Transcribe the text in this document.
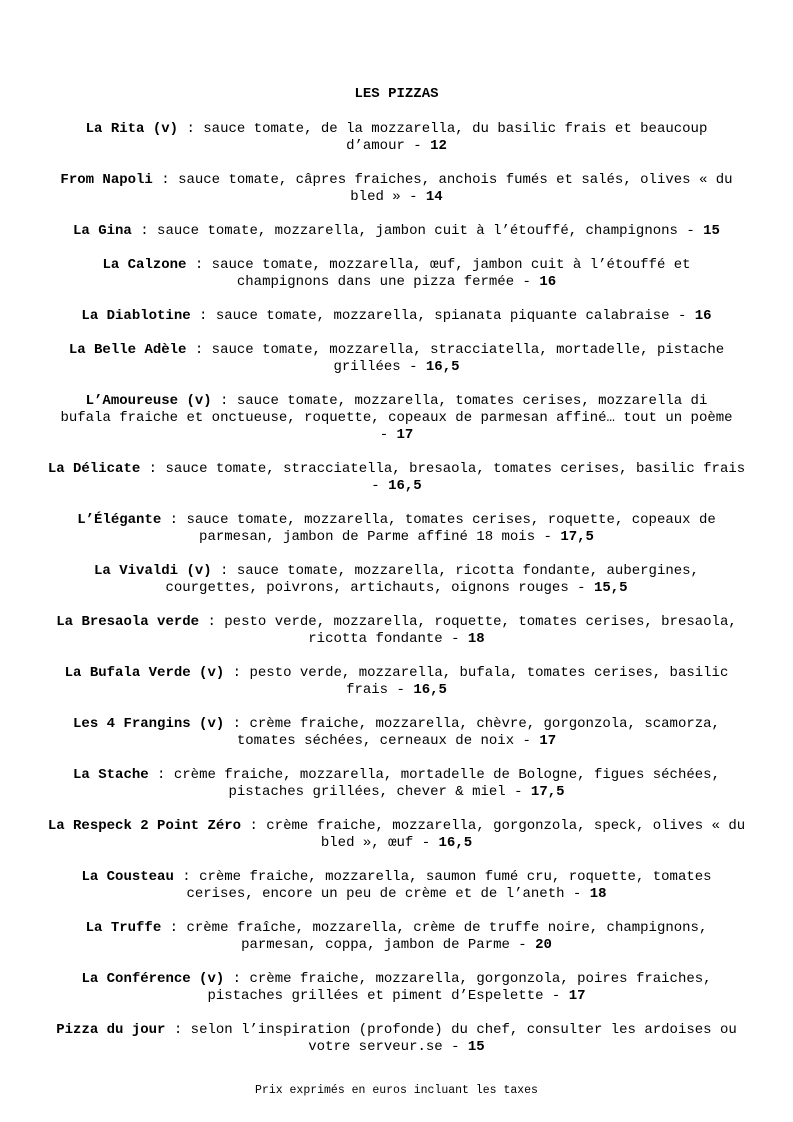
LES PIZZAS

La Rita (v) : sauce tomate, de la mozzarella, du basilic frais et beaucoup d’amour - 12

From Napoli : sauce tomate, câpres fraiches, anchois fumés et salés, olives « du bled » - 14

La Gina : sauce tomate, mozzarella, jambon cuit à l’étouffé, champignons - 15

La Calzone : sauce tomate, mozzarella, œuf, jambon cuit à l’étouffé et champignons dans une pizza fermée - 16

La Diablotine : sauce tomate, mozzarella, spianata piquante calabraise - 16

La Belle Adèle : sauce tomate, mozzarella, stracciatella, mortadelle, pistache grillées - 16,5

L’Amoureuse (v) : sauce tomate, mozzarella, tomates cerises, mozzarella di bufala fraiche et onctueuse, roquette, copeaux de parmesan affiné… tout un poème - 17

La Délicate : sauce tomate, stracciatella, bresaola, tomates cerises, basilic frais - 16,5

L’Élégante : sauce tomate, mozzarella, tomates cerises, roquette, copeaux de parmesan, jambon de Parme affiné 18 mois - 17,5

La Vivaldi (v) : sauce tomate, mozzarella, ricotta fondante, aubergines, courgettes, poivrons, artichauts, oignons rouges - 15,5

La Bresaola verde : pesto verde, mozzarella, roquette, tomates cerises, bresaola, ricotta fondante - 18

La Bufala Verde (v) : pesto verde, mozzarella, bufala, tomates cerises, basilic frais - 16,5

Les 4 Frangins (v) : crème fraiche, mozzarella, chèvre, gorgonzola, scamorza, tomates séchées, cerneaux de noix - 17

La Stache : crème fraiche, mozzarella, mortadelle de Bologne, figues séchées, pistaches grillées, chever & miel - 17,5

La Respeck 2 Point Zéro : crème fraiche, mozzarella, gorgonzola, speck, olives « du bled », œuf - 16,5

La Cousteau : crème fraiche, mozzarella, saumon fumé cru, roquette, tomates cerises, encore un peu de crème et de l’aneth - 18

La Truffe : crème fraîche, mozzarella, crème de truffe noire, champignons, parmesan, coppa, jambon de Parme - 20

La Conférence (v) : crème fraiche, mozzarella, gorgonzola, poires fraiches, pistaches grillées et piment d’Espelette - 17

Pizza du jour : selon l’inspiration (profonde) du chef, consulter les ardoises ou votre serveur.se - 15

Prix exprimés en euros incluant les taxes
